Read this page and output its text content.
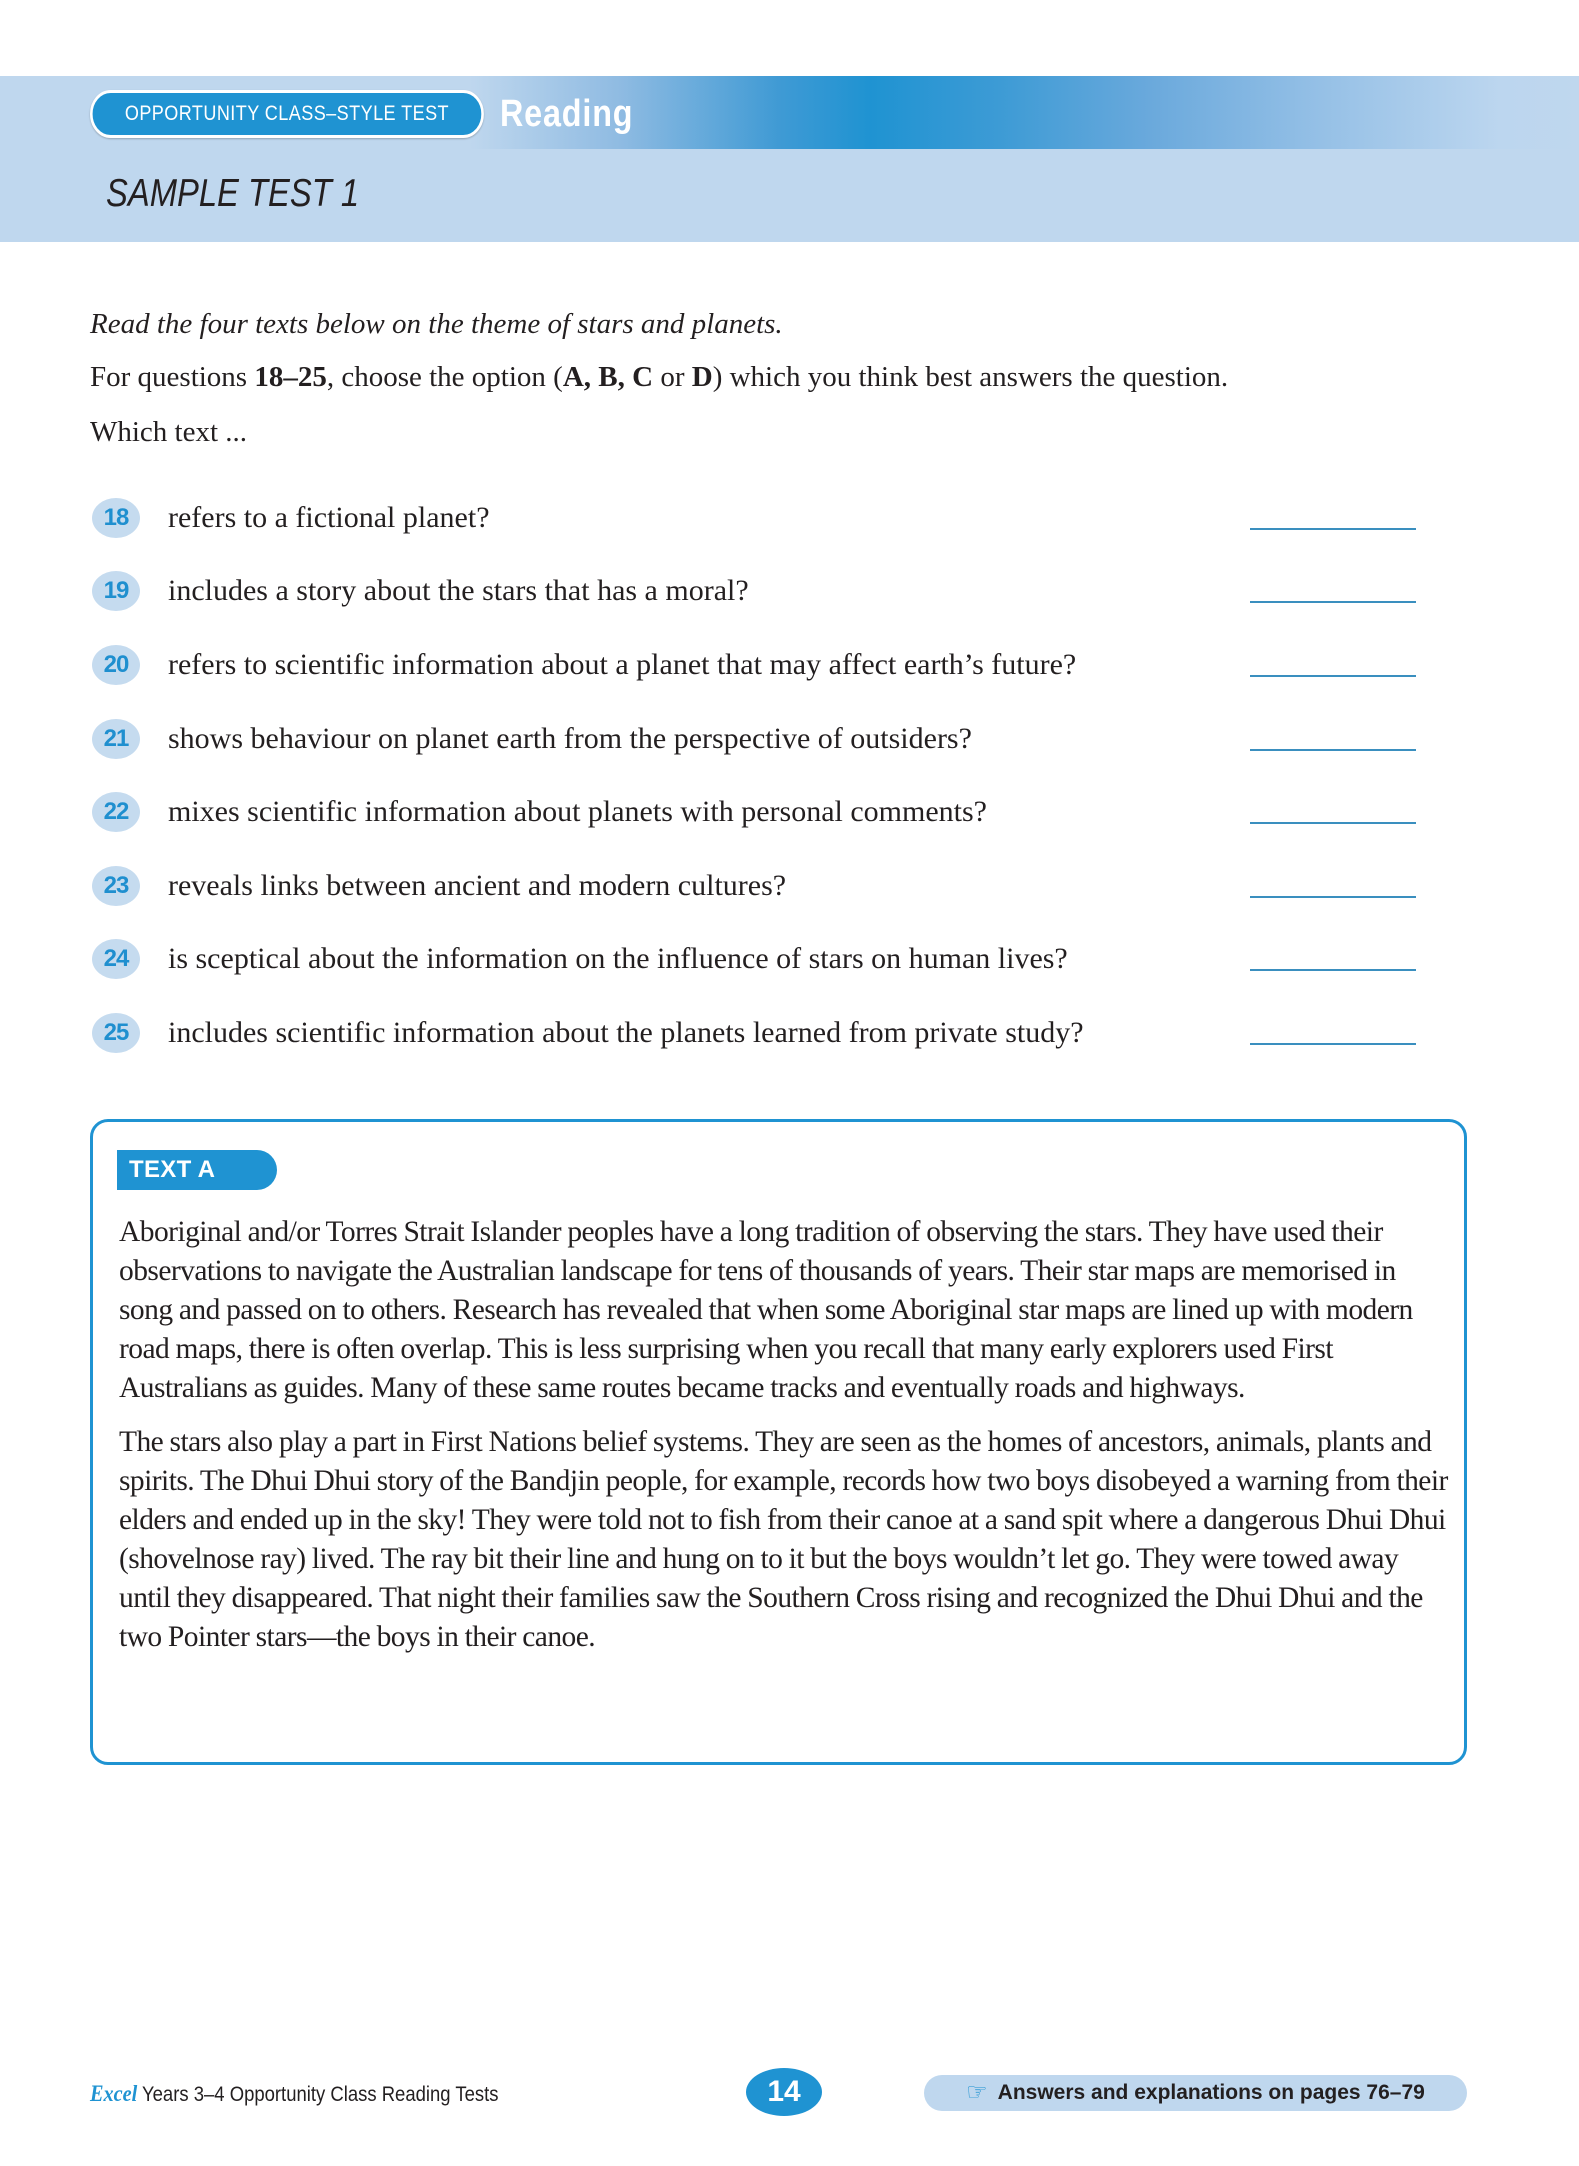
OPPORTUNITY CLASS–STYLE TEST	Reading
SAMPLE TEST 1
Read the four texts below on the theme of stars and planets.
For questions 18–25, choose the option (A, B, C or D) which you think best answers the question.
Which text ...
18	refers to a fictional planet?
19	includes a story about the stars that has a moral?
20	refers to scientific information about a planet that may affect earth’s future?
21	shows behaviour on planet earth from the perspective of outsiders?
22	mixes scientific information about planets with personal comments?
23	reveals links between ancient and modern cultures?
24	is sceptical about the information on the influence of stars on human lives?
25	includes scientific information about the planets learned from private study?
TEXT A

Aboriginal and/or Torres Strait Islander peoples have a long tradition of observing the stars. They have used their observations to navigate the Australian landscape for tens of thousands of years. Their star maps are memorised in song and passed on to others. Research has revealed that when some Aboriginal star maps are lined up with modern road maps, there is often overlap. This is less surprising when you recall that many early explorers used First Australians as guides. Many of these same routes became tracks and eventually roads and highways.

The stars also play a part in First Nations belief systems. They are seen as the homes of ancestors, animals, plants and spirits. The Dhui Dhui story of the Bandjin people, for example, records how two boys disobeyed a warning from their elders and ended up in the sky! They were told not to fish from their canoe at a sand spit where a dangerous Dhui Dhui (shovelnose ray) lived. The ray bit their line and hung on to it but the boys wouldn’t let go. They were towed away until they disappeared. That night their families saw the Southern Cross rising and recognized the Dhui Dhui and the two Pointer stars—the boys in their canoe.

Excel Years 3–4 Opportunity Class Reading Tests	14	☞ Answers and explanations on pages 76–79
